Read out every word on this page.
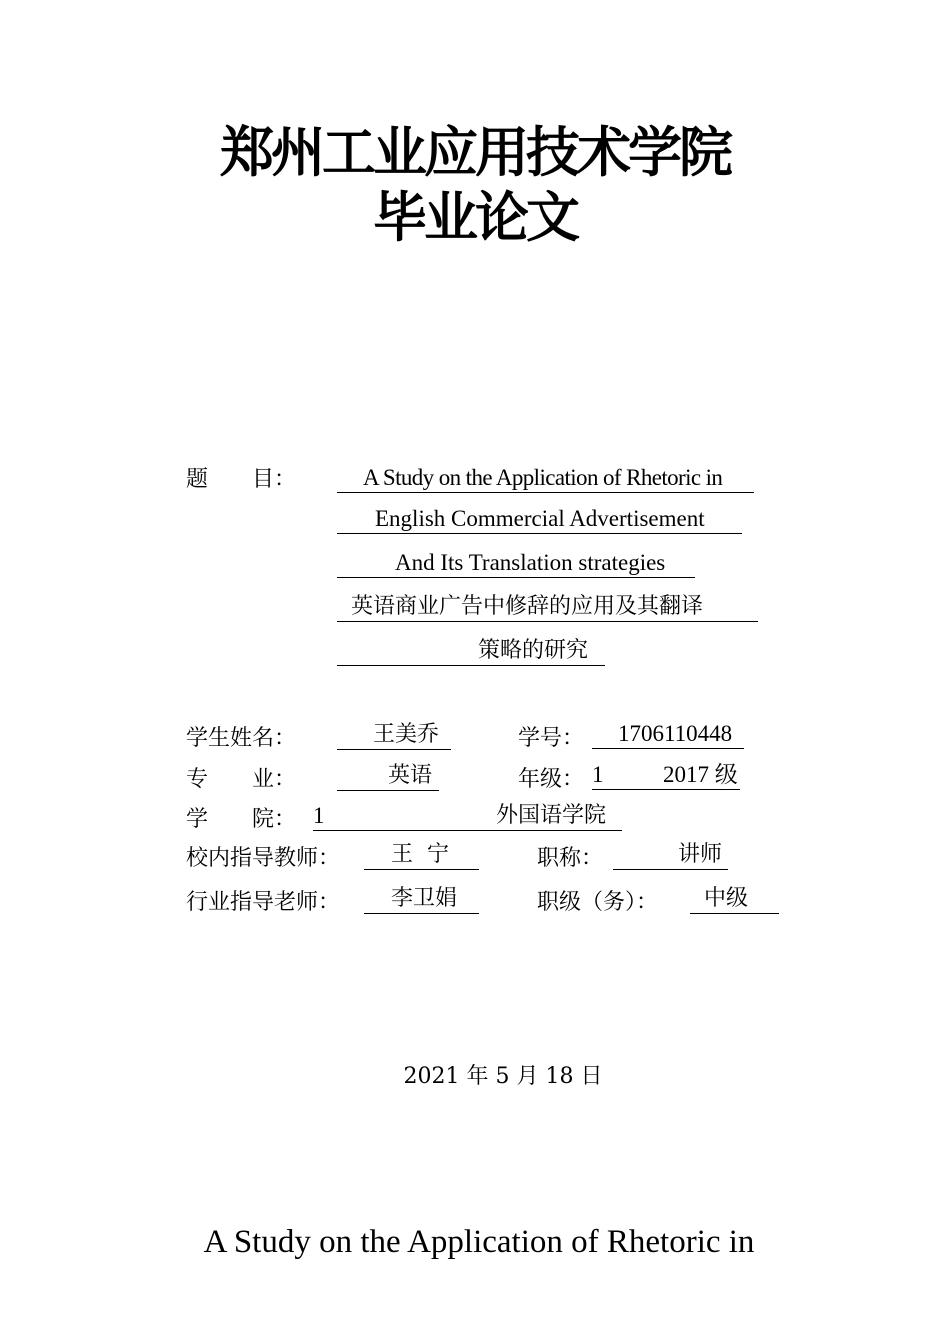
郑州工业应用技术学院
毕业论文
题　　目：	A Study on the Application of Rhetoric in
English Commercial Advertisement
And Its Translation strategies
英语商业广告中修辞的应用及其翻译
策略的研究
学生姓名：	王美乔	学号：	1706110448
专　　业：	英语	年级： 1	2017 级

学　　院： 1	外国语学院

校内指导教师：	王  宁	职称：	讲师
行业指导老师：	李卫娟	职级（务）：	中级
2021 年 5 月 18 日
A Study on the Application of Rhetoric in
